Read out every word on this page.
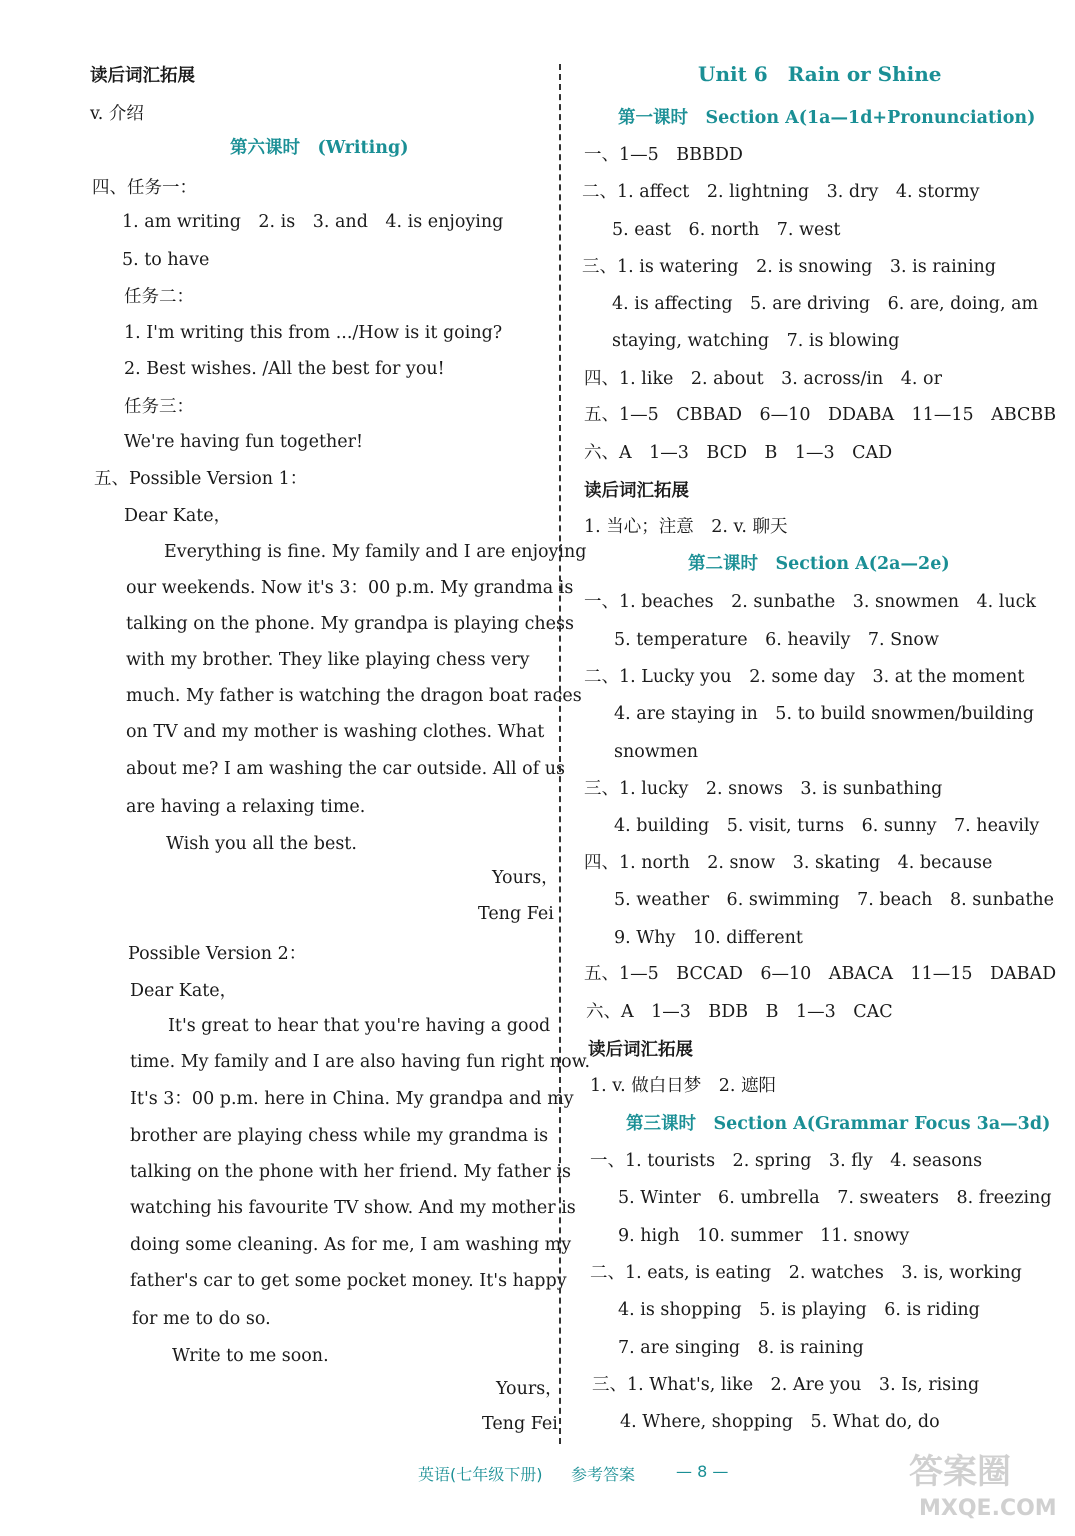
读后词汇拓展
v. 介绍
第六课时　(Writing)
四、任务一：
1. am writing　2. is　3. and　4. is enjoying
5. to have
任务二：
1. I'm writing this from .../How is it going?
2. Best wishes. /All the best for you!
任务三：
We're having fun together!
五、Possible Version 1：
Dear Kate，
Everything is fine. My family and I are enjoying
our weekends. Now it's 3：00 p.m. My grandma is
talking on the phone. My grandpa is playing chess
with my brother. They like playing chess very
much. My father is watching the dragon boat races
on TV and my mother is washing clothes. What
about me? I am washing the car outside. All of us
are having a relaxing time.
Wish you all the best.
Yours，
Teng Fei
Possible Version 2：
Dear Kate，
It's great to hear that you're having a good
time. My family and I are also having fun right now.
It's 3：00 p.m. here in China. My grandpa and my
brother are playing chess while my grandma is
talking on the phone with her friend. My father is
watching his favourite TV show. And my mother is
doing some cleaning. As for me, I am washing my
father's car to get some pocket money. It's happy
for me to do so.
Write to me soon.
Yours，
Teng Fei
Unit 6　Rain or Shine
第一课时　Section A(1a—1d+Pronunciation)
一、1—5　BBBDD
二、1. affect　2. lightning　3. dry　4. stormy
5. east　6. north　7. west
三、1. is watering　2. is snowing　3. is raining
4. is affecting　5. are driving　6. are, doing, am
staying, watching　7. is blowing
四、1. like　2. about　3. across/in　4. or
五、1—5　CBBAD　6—10　DDABA　11—15　ABCBB
六、A　1—3　BCD　B　1—3　CAD
读后词汇拓展
1. 当心；注意　2. v. 聊天
第二课时　Section A(2a—2e)
一、1. beaches　2. sunbathe　3. snowmen　4. luck
5. temperature　6. heavily　7. Snow
二、1. Lucky you　2. some day　3. at the moment
4. are staying in　5. to build snowmen/building
snowmen
三、1. lucky　2. snows　3. is sunbathing
4. building　5. visit, turns　6. sunny　7. heavily
四、1. north　2. snow　3. skating　4. because
5. weather　6. swimming　7. beach　8. sunbathe
9. Why　10. different
五、1—5　BCCAD　6—10　ABACA　11—15　DABAD
六、A　1—3　BDB　B　1—3　CAC
读后词汇拓展
1. v. 做白日梦　2. 遮阳
第三课时　Section A(Grammar Focus 3a—3d)
一、1. tourists　2. spring　3. fly　4. seasons
5. Winter　6. umbrella　7. sweaters　8. freezing
9. high　10. summer　11. snowy
二、1. eats, is eating　2. watches　3. is, working
4. is shopping　5. is playing　6. is riding
7. are singing　8. is raining
三、1. What's, like　2. Are you　3. Is, rising
4. Where, shopping　5. What do, do
英语(七年级下册) 参考答案	— 8 —	答案圈
MXQE.COM
